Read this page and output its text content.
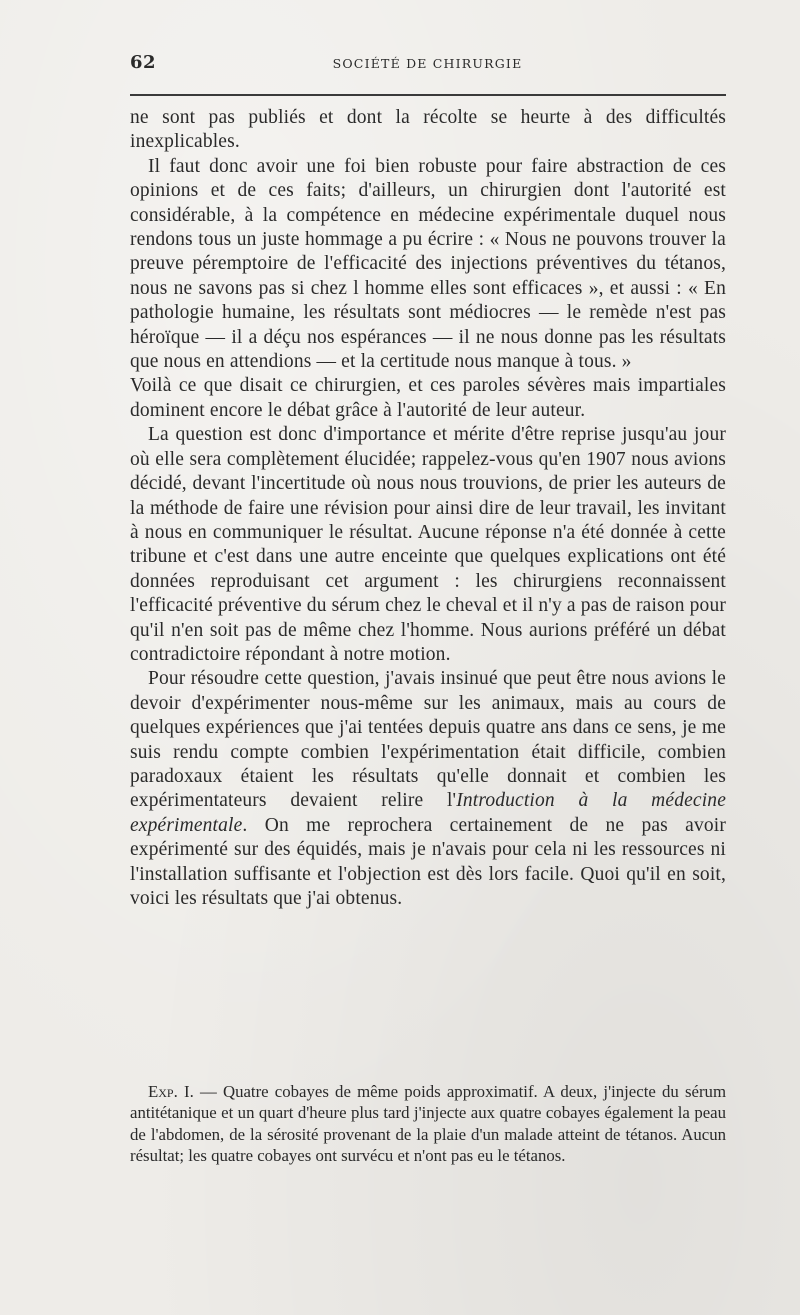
62	SOCIÉTÉ DE CHIRURGIE

ne sont pas publiés et dont la récolte se heurte à des difficultés inexplicables.

Il faut donc avoir une foi bien robuste pour faire abstraction de ces opinions et de ces faits; d'ailleurs, un chirurgien dont l'autorité est considérable, à la compétence en médecine expérimentale duquel nous rendons tous un juste hommage a pu écrire : « Nous ne pouvons trouver la preuve péremptoire de l'efficacité des injections préventives du tétanos, nous ne savons pas si chez l homme elles sont efficaces », et aussi : « En pathologie humaine, les résultats sont médiocres — le remède n'est pas héroïque — il a déçu nos espérances — il ne nous donne pas les résultats que nous en attendions — et la certitude nous manque à tous. »

Voilà ce que disait ce chirurgien, et ces paroles sévères mais impartiales dominent encore le débat grâce à l'autorité de leur auteur.

La question est donc d'importance et mérite d'être reprise jusqu'au jour où elle sera complètement élucidée; rappelez-vous qu'en 1907 nous avions décidé, devant l'incertitude où nous nous trouvions, de prier les auteurs de la méthode de faire une révision pour ainsi dire de leur travail, les invitant à nous en communiquer le résultat. Aucune réponse n'a été donnée à cette tribune et c'est dans une autre enceinte que quelques explications ont été données reproduisant cet argument : les chirurgiens reconnaissent l'efficacité préventive du sérum chez le cheval et il n'y a pas de raison pour qu'il n'en soit pas de même chez l'homme. Nous aurions préféré un débat contradictoire répondant à notre motion.

Pour résoudre cette question, j'avais insinué que peut être nous avions le devoir d'expérimenter nous-même sur les animaux, mais au cours de quelques expériences que j'ai tentées depuis quatre ans dans ce sens, je me suis rendu compte combien l'expérimentation était difficile, combien paradoxaux étaient les résultats qu'elle donnait et combien les expérimentateurs devaient relire l'Introduction à la médecine expérimentale. On me reprochera certainement de ne pas avoir expérimenté sur des équidés, mais je n'avais pour cela ni les ressources ni l'installation suffisante et l'objection est dès lors facile. Quoi qu'il en soit, voici les résultats que j'ai obtenus.

Exp. I. — Quatre cobayes de même poids approximatif. A deux, j'injecte du sérum antitétanique et un quart d'heure plus tard j'injecte aux quatre cobayes également la peau de l'abdomen, de la sérosité provenant de la plaie d'un malade atteint de tétanos. Aucun résultat; les quatre cobayes ont survécu et n'ont pas eu le tétanos.
